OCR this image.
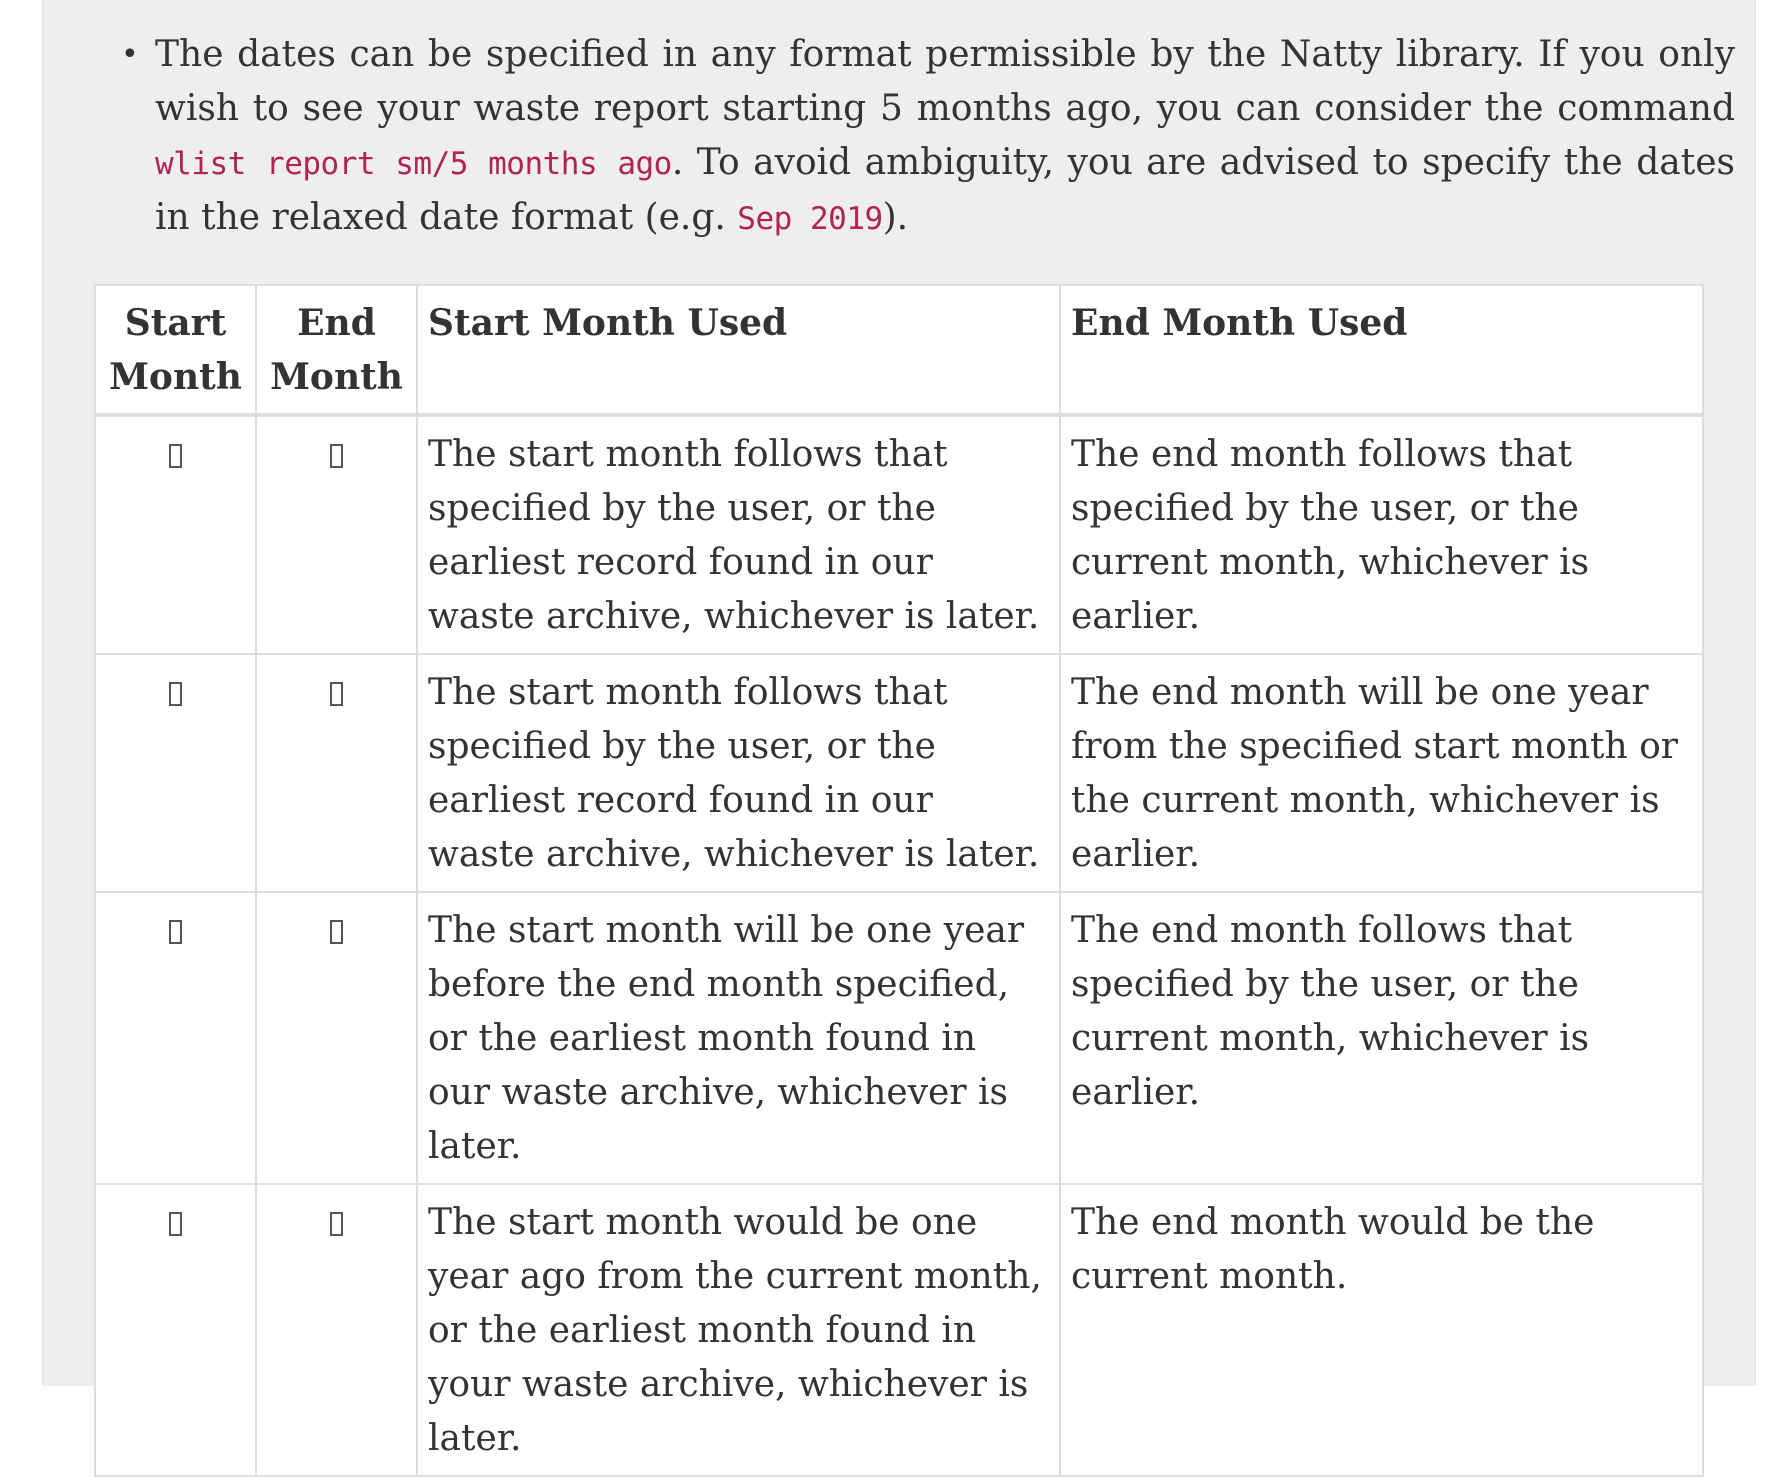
• The dates can be specified in any format permissible by the Natty library. If you only wish to see your waste report starting 5 months ago, you can consider the command wlist report sm/5 months ago. To avoid ambiguity, you are advised to specify the dates in the relaxed date format (e.g. Sep 2019).
Start Month	End Month	Start Month Used	End Month Used
		The start month follows that specified by the user, or the earliest record found in our waste archive, whichever is later.	The end month follows that specified by the user, or the current month, whichever is earlier.
		The start month follows that specified by the user, or the earliest record found in our waste archive, whichever is later.	The end month will be one year from the specified start month or the current month, whichever is earlier.
		The start month will be one year before the end month specified, or the earliest month found in our waste archive, whichever is later.	The end month follows that specified by the user, or the current month, whichever is earlier.
		The start month would be one year ago from the current month, or the earliest month found in your waste archive, whichever is later.	The end month would be the current month.
